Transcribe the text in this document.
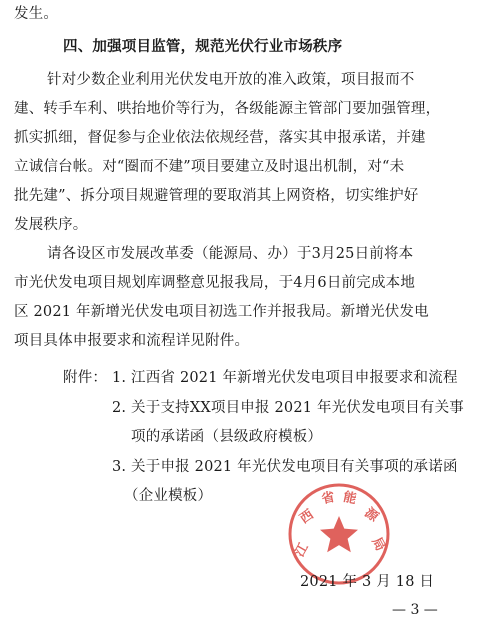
发生。
四、加强项目监管，规范光伏行业市场秩序
针对少数企业利用光伏发电开放的准入政策，项目报而不
建、转手车利、哄抬地价等行为，各级能源主管部门要加强管理，
抓实抓细，督促参与企业依法依规经营，落实其申报承诺，并建
立诚信台帐。对“圈而不建”项目要建立及时退出机制，对“未
批先建”、拆分项目规避管理的要取消其上网资格，切实维护好
发展秩序。
请各设区市发展改革委（能源局、办）于3月25日前将本
市光伏发电项目规划库调整意见报我局，于4月6日前完成本地
区 2021 年新增光伏发电项目初选工作并报我局。新增光伏发电
项目具体申报要求和流程详见附件。
附件： 1. 江西省 2021 年新增光伏发电项目申报要求和流程
2. 关于支持XX项目申报 2021 年光伏发电项目有关事
项的承诺函（县级政府模板）
3. 关于申报 2021 年光伏发电项目有关事项的承诺函
（企业模板）
江
西
省 能
源
局
2021 年 3 月 18 日
— 3 —
